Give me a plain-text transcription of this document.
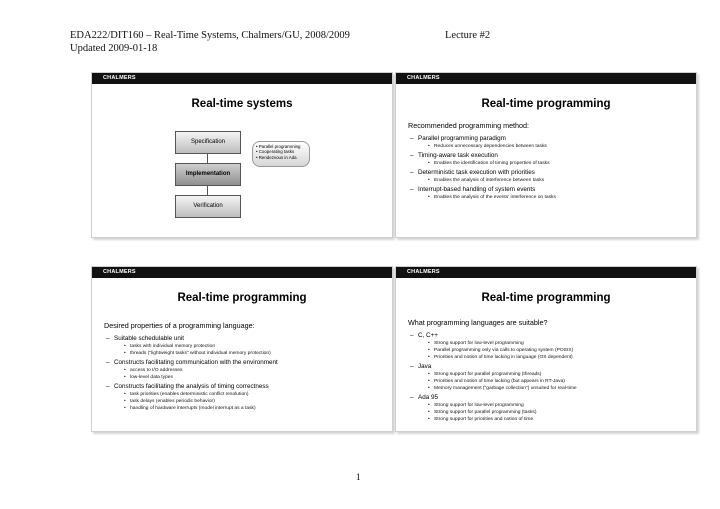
EDA222/DIT160 – Real-Time Systems, Chalmers/GU, 2008/2009
Updated 2009-01-18
Lecture #2
CHALMERS
Real-time systems
Specification
Implementation
Verification
• Parallel programming
• Cooperating tasks
• Rendezvous in Ada
CHALMERS
Real-time programming
Recommended programming method:
– Parallel programming paradigm
• Reduces unnecessary dependencies between tasks
– Timing-aware task execution
• Enables the identification of timing properties of tasks
– Deterministic task execution with priorities
• Enables the analysis of interference between tasks
– Interrupt-based handling of system events
• Enables the analysis of the events' interference on tasks
CHALMERS
Real-time programming
Desired properties of a programming language:
– Suitable schedulable unit
• tasks with individual memory protection
• threads ("lightweight tasks" without individual memory protection)
– Constructs facilitating communication with the environment
• access to I/O addresses
• low-level data types
– Constructs facilitating the analysis of timing correctness
• task priorities (enables deterministic conflict resolution)
• task delays (enables periodic behavior)
• handling of hardware interrupts (model interrupt as a task)
CHALMERS
Real-time programming
What programming languages are suitable?
– C, C++
• Strong support for low-level programming
• Parallel programming only via calls to operating system (POSIX)
• Priorities and notion of time lacking in language (OS dependent)
– Java
• Strong support for parallel programming (threads)
• Priorities and notion of time lacking (but appears in RT-Java)
• Memory management ("garbage collection") unsuited for real-time
– Ada 95
• Strong support for low-level programming
• Strong support for parallel programming (tasks)
• Strong support for priorities and notion of time
1
